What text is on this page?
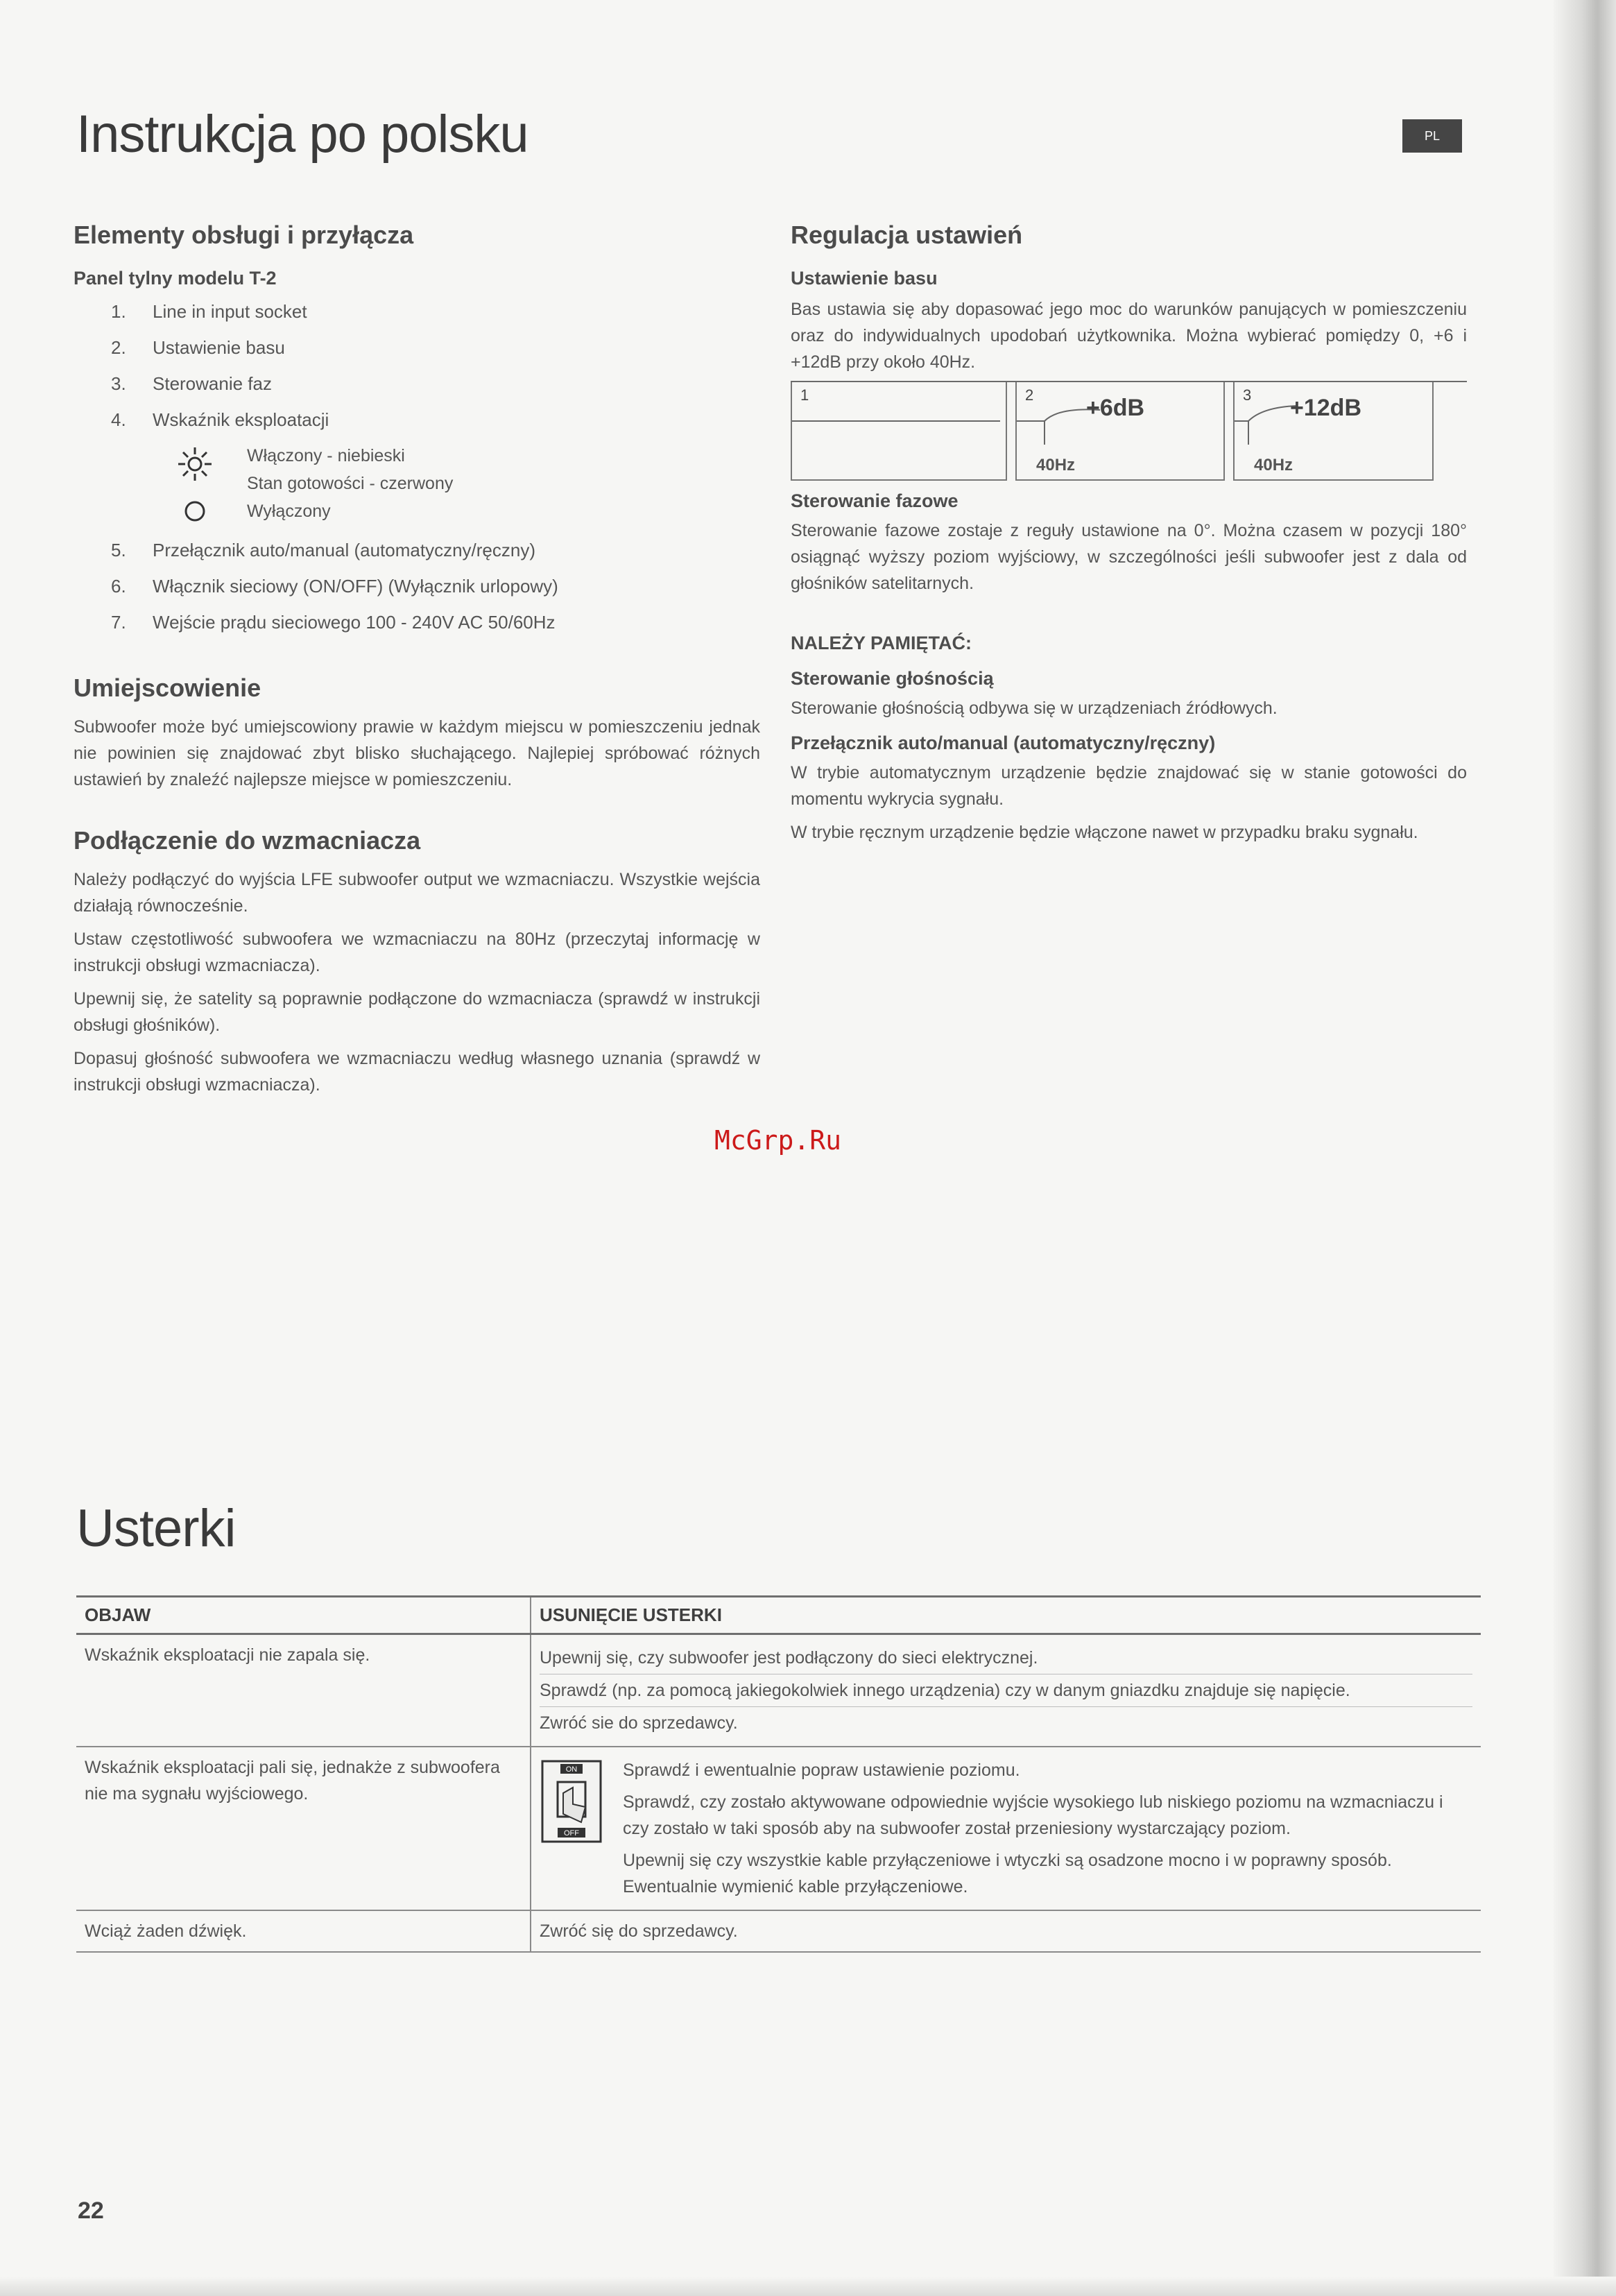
Instrukcja po polsku	PL
Elementy obsługi i przyłącza
Panel tylny modelu T-2
1. Line in input socket
2. Ustawienie basu
3. Sterowanie faz
4. Wskaźnik eksploatacji
Włączony - niebieski
Stan gotowości - czerwony
Wyłączony
5. Przełącznik auto/manual (automatyczny/ręczny)
6. Włącznik sieciowy (ON/OFF) (Wyłącznik urlopowy)
7. Wejście prądu sieciowego 100 - 240V AC 50/60Hz
Umiejscowienie

Subwoofer może być umiejscowiony prawie w każdym miejscu w pomieszczeniu jednak nie powinien się znajdować zbyt blisko słuchającego. Najlepiej spróbować różnych ustawień by znaleźć najlepsze miejsce w pomieszczeniu.

Podłączenie do wzmacniacza

Należy podłączyć do wyjścia LFE subwoofer output we wzmacniaczu. Wszystkie wejścia działają równocześnie.

Ustaw częstotliwość subwoofera we wzmacniaczu na 80Hz (przeczytaj informację w instrukcji obsługi wzmacniacza).

Upewnij się, że satelity są poprawnie podłączone do wzmacniacza (sprawdź w instrukcji obsługi głośników).

Dopasuj głośność subwoofera we wzmacniaczu według własnego uznania (sprawdź w instrukcji obsługi wzmacniacza).

Regulacja ustawień
Ustawienie basu

Bas ustawia się aby dopasować jego moc do warunków panujących w pomieszczeniu oraz do indywidualnych upodobań użytkownika. Można wybierać pomiędzy 0, +6 i +12dB przy około 40Hz.

1	2 +6dB
40Hz
3 +12dB
40Hz
Sterowanie fazowe

Sterowanie fazowe zostaje z reguły ustawione na 0°. Można czasem w pozycji 180° osiągnąć wyższy poziom wyjściowy, w szczególności jeśli subwoofer jest z dala od głośników satelitarnych.

NALEŻY PAMIĘTAĆ:
Sterowanie głośnością

Sterowanie głośnością odbywa się w urządzeniach źródłowych.

Przełącznik auto/manual (automatyczny/ręczny)

W trybie automatycznym urządzenie będzie znajdować się w stanie gotowości do momentu wykrycia sygnału.

W trybie ręcznym urządzenie będzie włączone nawet w przypadku braku sygnału.

McGrp.Ru
Usterki
OBJAW	USUNIĘCIE USTERKI
Wskaźnik eksploatacji nie zapala się.	Upewnij się, czy subwoofer jest podłączony do sieci elektrycznej.
Sprawdź (np. za pomocą jakiegokolwiek innego urządzenia) czy w danym gniazdku znajduje się napięcie.
Zwróć sie do sprzedawcy.

Wskaźnik eksploatacji pali się, jednakże z subwoofera nie ma sygnału wyjściowego.	ON
OFF
Sprawdź i ewentualnie popraw ustawienie poziomu.
Sprawdź, czy zostało aktywowane odpowiednie wyjście wysokiego lub niskiego poziomu na wzmacniaczu i czy zostało w taki sposób aby na subwoofer został przeniesiony wystarczający poziom.
Upewnij się czy wszystkie kable przyłączeniowe i wtyczki są osadzone mocno i w poprawny sposób. Ewentualnie wymienić kable przyłączeniowe.

Wciąż żaden dźwięk.	Zwróć się do sprzedawcy.
22
